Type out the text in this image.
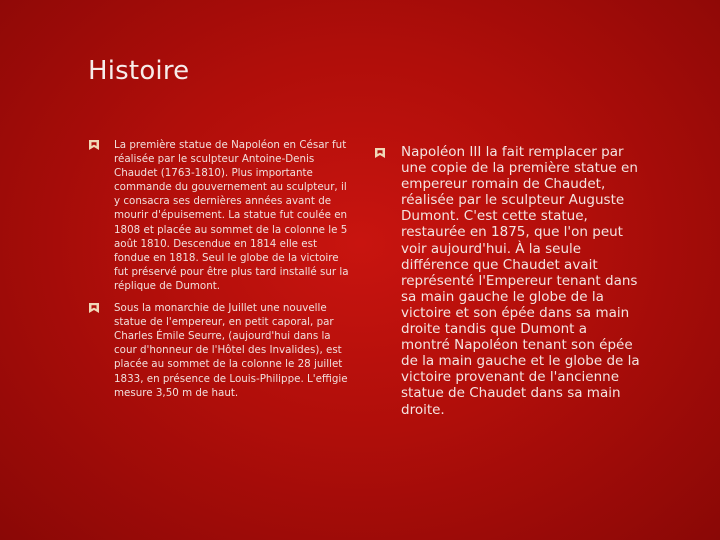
Histoire
La première statue de Napoléon en César fut réalisée par le sculpteur Antoine-Denis Chaudet (1763-1810). Plus importante commande du gouvernement au sculpteur, il y consacra ses dernières années avant de mourir d'épuisement. La statue fut coulée en 1808 et placée au sommet de la colonne le 5 août 1810. Descendue en 1814 elle est fondue en 1818. Seul le globe de la victoire fut préservé pour être plus tard installé sur la réplique de Dumont.
Sous la monarchie de Juillet une nouvelle statue de l'empereur, en petit caporal, par Charles Émile Seurre, (aujourd'hui dans la cour d'honneur de l'Hôtel des Invalides), est placée au sommet de la colonne le 28 juillet 1833, en présence de Louis-Philippe. L'effigie mesure 3,50 m de haut.
Napoléon III la fait remplacer par une copie de la première statue en empereur romain de Chaudet, réalisée par le sculpteur Auguste Dumont. C'est cette statue, restaurée en 1875, que l'on peut voir aujourd'hui. À la seule différence que Chaudet avait représenté l'Empereur tenant dans sa main gauche le globe de la victoire et son épée dans sa main droite tandis que Dumont a montré Napoléon tenant son épée de la main gauche et le globe de la victoire provenant de l'ancienne statue de Chaudet dans sa main droite.
